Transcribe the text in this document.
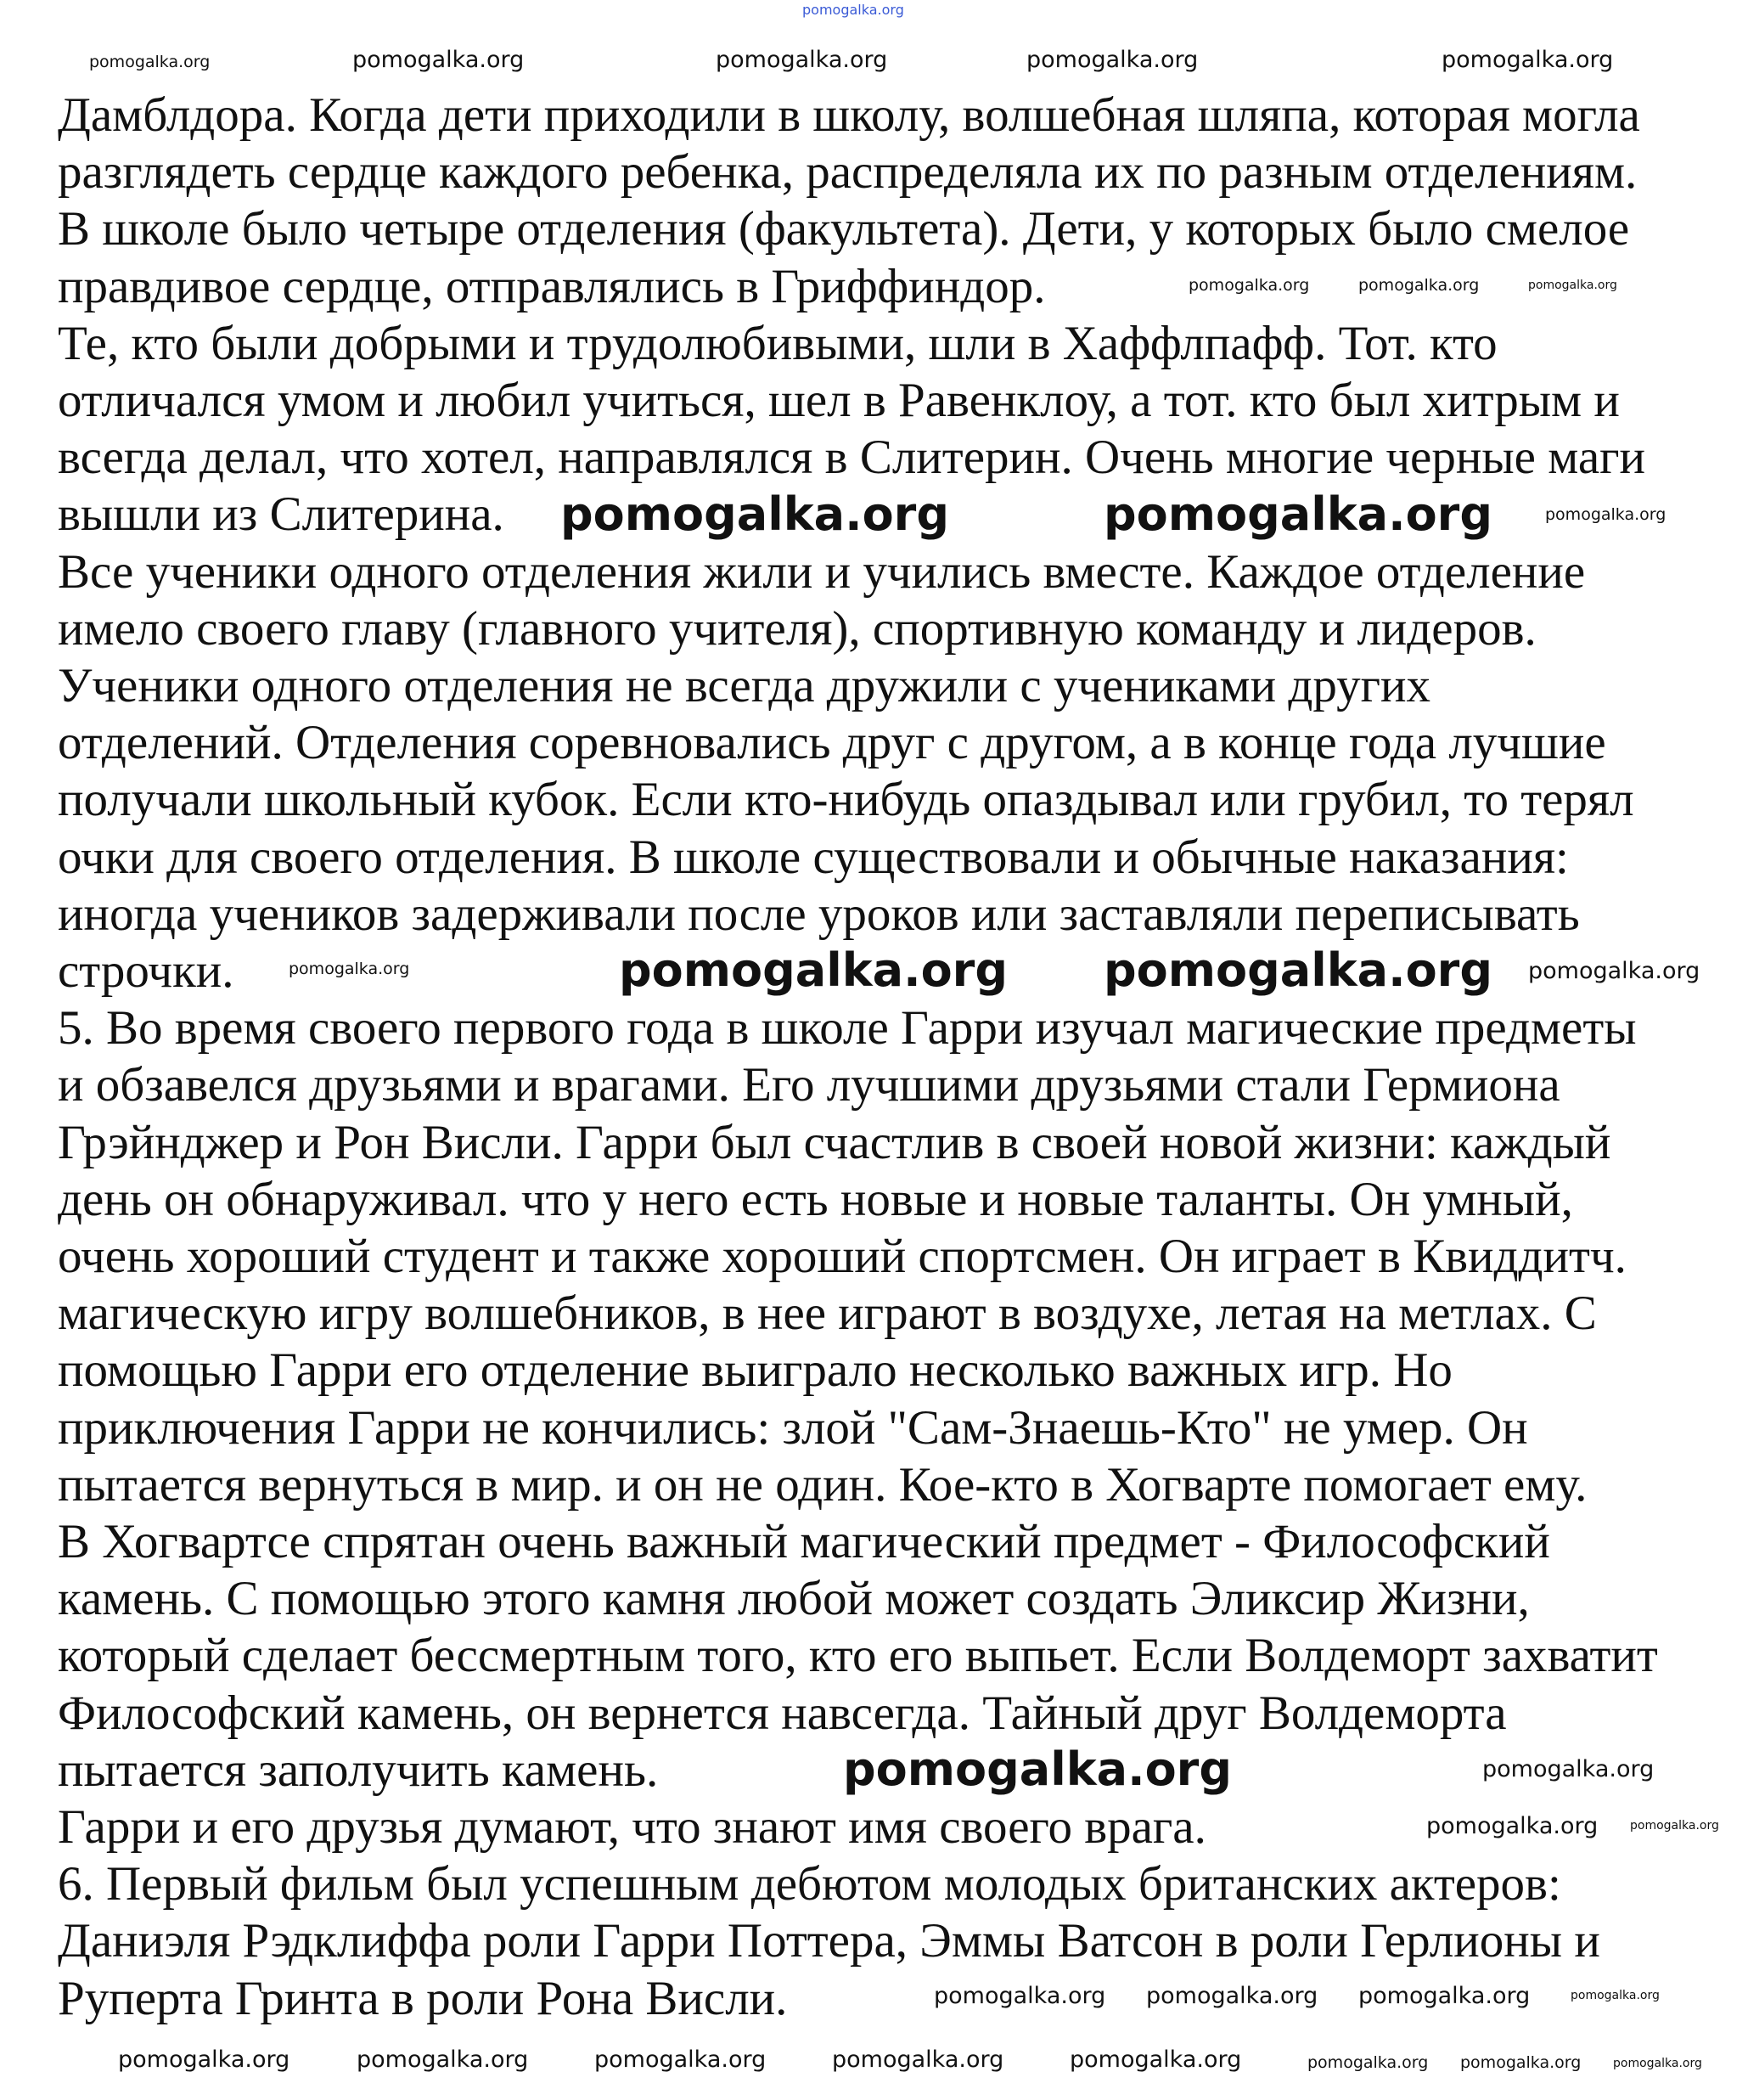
Дамблдора. Когда дети приходили в школу, волшебная шляпа, которая могла
разглядеть сердце каждого ребенка, распределяла их по разным отделениям.
В школе было четыре отделения (факультета). Дети, у которых было смелое
правдивое сердце, отправлялись в Гриффиндор.
Те, кто были добрыми и трудолюбивыми, шли в Хаффлпафф. Тот. кто
отличался умом и любил учиться, шел в Равенклоу, а тот. кто был хитрым и
всегда делал, что хотел, направлялся в Слитерин. Очень многие черные маги
вышли из Слитерина.
Все ученики одного отделения жили и учились вместе. Каждое отделение
имело своего главу (главного учителя), спортивную команду и лидеров.
Ученики одного отделения не всегда дружили с учениками других
отделений. Отделения соревновались друг с другом, а в конце года лучшие
получали школьный кубок. Если кто-нибудь опаздывал или грубил, то терял
очки для своего отделения. В школе существовали и обычные наказания:
иногда учеников задерживали после уроков или заставляли переписывать
строчки.
5. Во время своего первого года в школе Гарри изучал магические предметы
и обзавелся друзьями и врагами. Его лучшими друзьями стали Гермиона
Грэйнджер и Рон Висли. Гарри был счастлив в своей новой жизни: каждый
день он обнаруживал. что у него есть новые и новые таланты. Он умный,
очень хороший студент и также хороший спортсмен. Он играет в Квиддитч.
магическую игру волшебников, в нее играют в воздухе, летая на метлах. С
помощью Гарри его отделение выиграло несколько важных игр. Но
приключения Гарри не кончились: злой "Сам-Знаешь-Кто" не умер. Он
пытается вернуться в мир. и он не один. Кое-кто в Хогварте помогает ему.
В Хогвартсе спрятан очень важный магический предмет - Философский
камень. С помощью этого камня любой может создать Эликсир Жизни,
который сделает бессмертным того, кто его выпьет. Если Волдеморт захватит
Философский камень, он вернется навсегда. Тайный друг Волдеморта
пытается заполучить камень.
Гарри и его друзья думают, что знают имя своего врага.
6. Первый фильм был успешным дебютом молодых британских актеров:
Даниэля Рэдклиффа роли Гарри Поттера, Эммы Ватсон в роли Герлионы и
Руперта Гринта в роли Рона Висли.
pomogalka.org
pomogalka.org	pomogalka.org
pomogalka.org	pomogalka.org
pomogalka.org
pomogalka.org
pomogalka.org	pomogalka.org
pomogalka.org
pomogalka.org
pomogalka.org	pomogalka.org pomogalka.org pomogalka.org
pomogalka.org
pomogalka.org pomogalka.org	pomogalka.org
pomogalka.org	pomogalka.org
pomogalka.org
pomogalka.org	pomogalka.org	pomogalka.org
pomogalka.org	pomogalka.org
pomogalka.org	pomogalka.org
pomogalka.org
pomogalka.org
pomogalka.org
